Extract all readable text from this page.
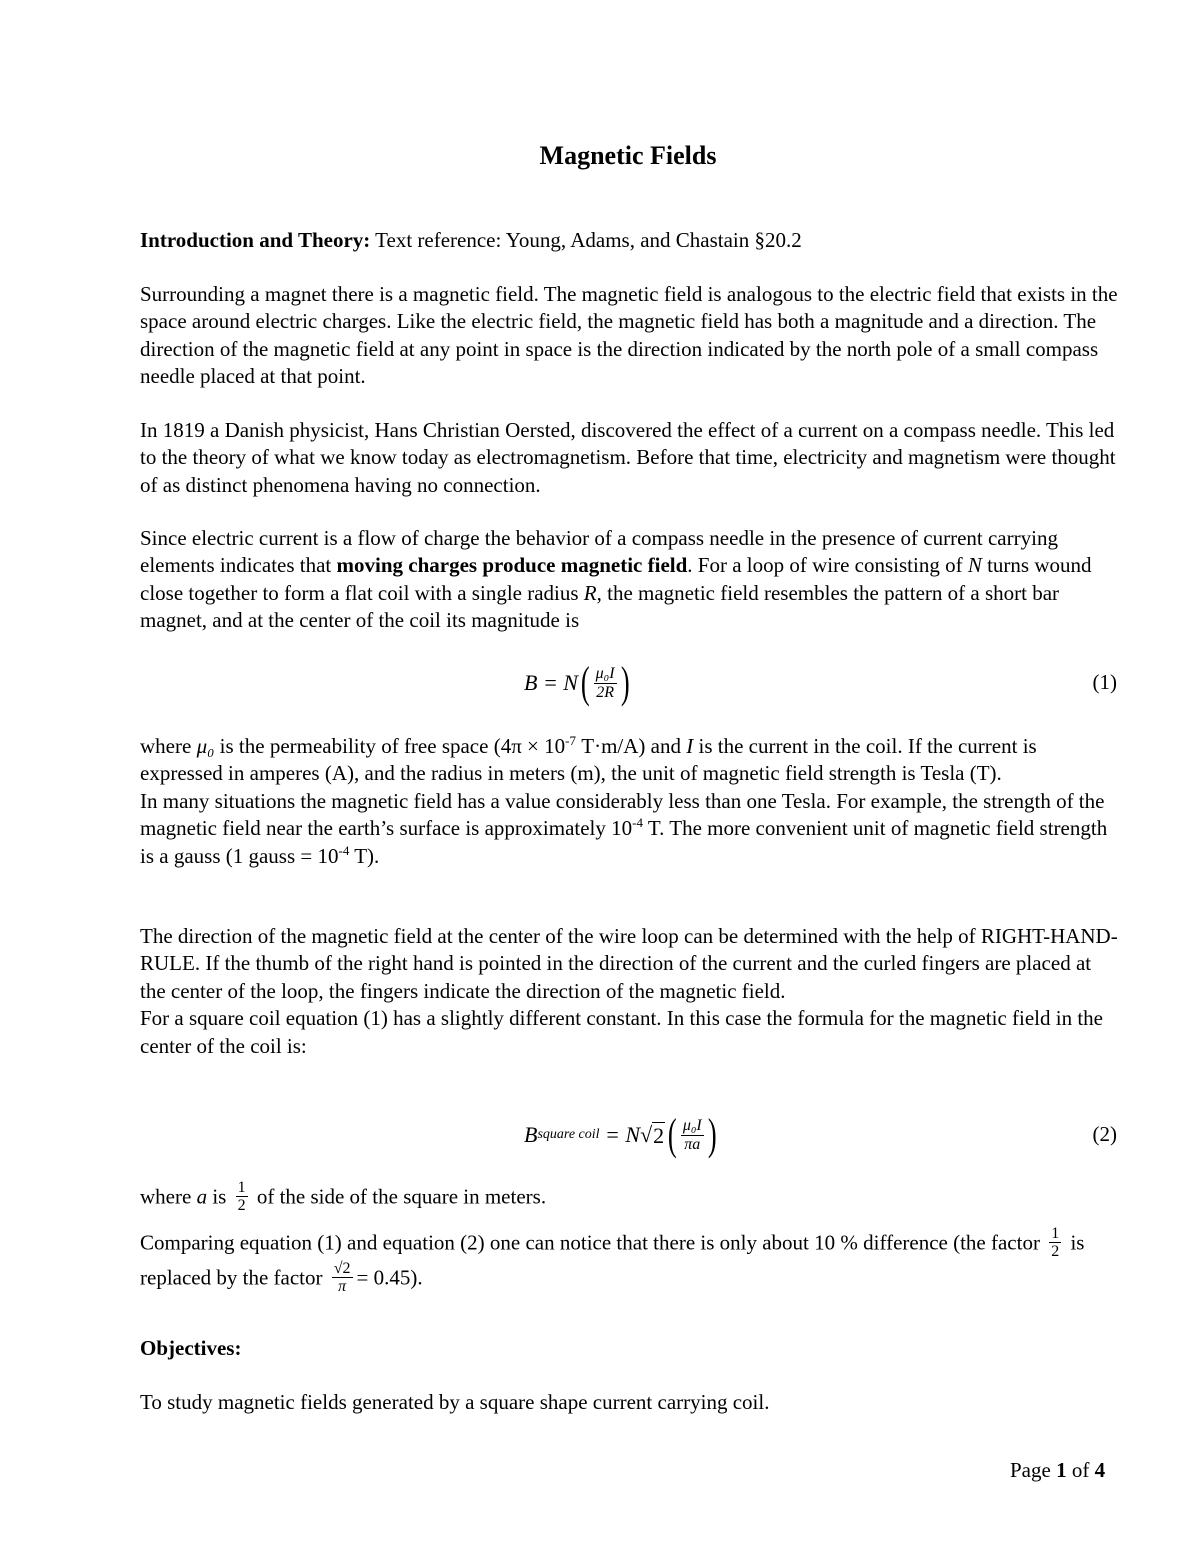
Magnetic Fields

Introduction and Theory: Text reference: Young, Adams, and Chastain §20.2

Surrounding a magnet there is a magnetic field. The magnetic field is analogous to the electric field that exists in the space around electric charges. Like the electric field, the magnetic field has both a magnitude and a direction. The direction of the magnetic field at any point in space is the direction indicated by the north pole of a small compass needle placed at that point.

In 1819 a Danish physicist, Hans Christian Oersted, discovered the effect of a current on a compass needle. This led to the theory of what we know today as electromagnetism. Before that time, electricity and magnetism were thought of as distinct phenomena having no connection.

Since electric current is a flow of charge the behavior of a compass needle in the presence of current carrying elements indicates that moving charges produce magnetic field. For a loop of wire consisting of N turns wound close together to form a flat coil with a single radius R, the magnetic field resembles the pattern of a short bar magnet, and at the center of the coil its magnitude is

B = N ( $\frac{\text{μ₀I}}{2R}$ )	(1)

where μ₀ is the permeability of free space ($4\pi \times 10^{-7}$ T·m/A) and I is the current in the coil. If the current is expressed in amperes (A), and the radius in meters (m), the unit of magnetic field strength is Tesla (T).

In many situations the magnetic field has a value considerably less than one Tesla. For example, the strength of the magnetic field near the earth’s surface is approximately $10^{-4}$ T. The more convenient unit of magnetic field strength is a gauss (1 gauss = $10^{-4}$ T).

The direction of the magnetic field at the center of the wire loop can be determined with the help of RIGHT-HAND-RULE. If the thumb of the right hand is pointed in the direction of the current and the curled fingers are placed at the center of the loop, the fingers indicate the direction of the magnetic field.

For a square coil equation (1) has a slightly different constant. In this case the formula for the magnetic field in the center of the coil is:

B square coil = N √ 2 ( $\frac{\text{μ₀I}}{\pi a}$ )	(2)

where a is $\frac{1}{2}$ of the side of the square in meters.

Comparing equation (1) and equation (2) one can notice that there is only about 10 % difference (the factor $\frac{1}{2}$ is replaced by the factor $\frac{√2}{\pi} = 0.45$).

Objectives:

To study magnetic fields generated by a square shape current carrying coil.

Page 1 of 4
